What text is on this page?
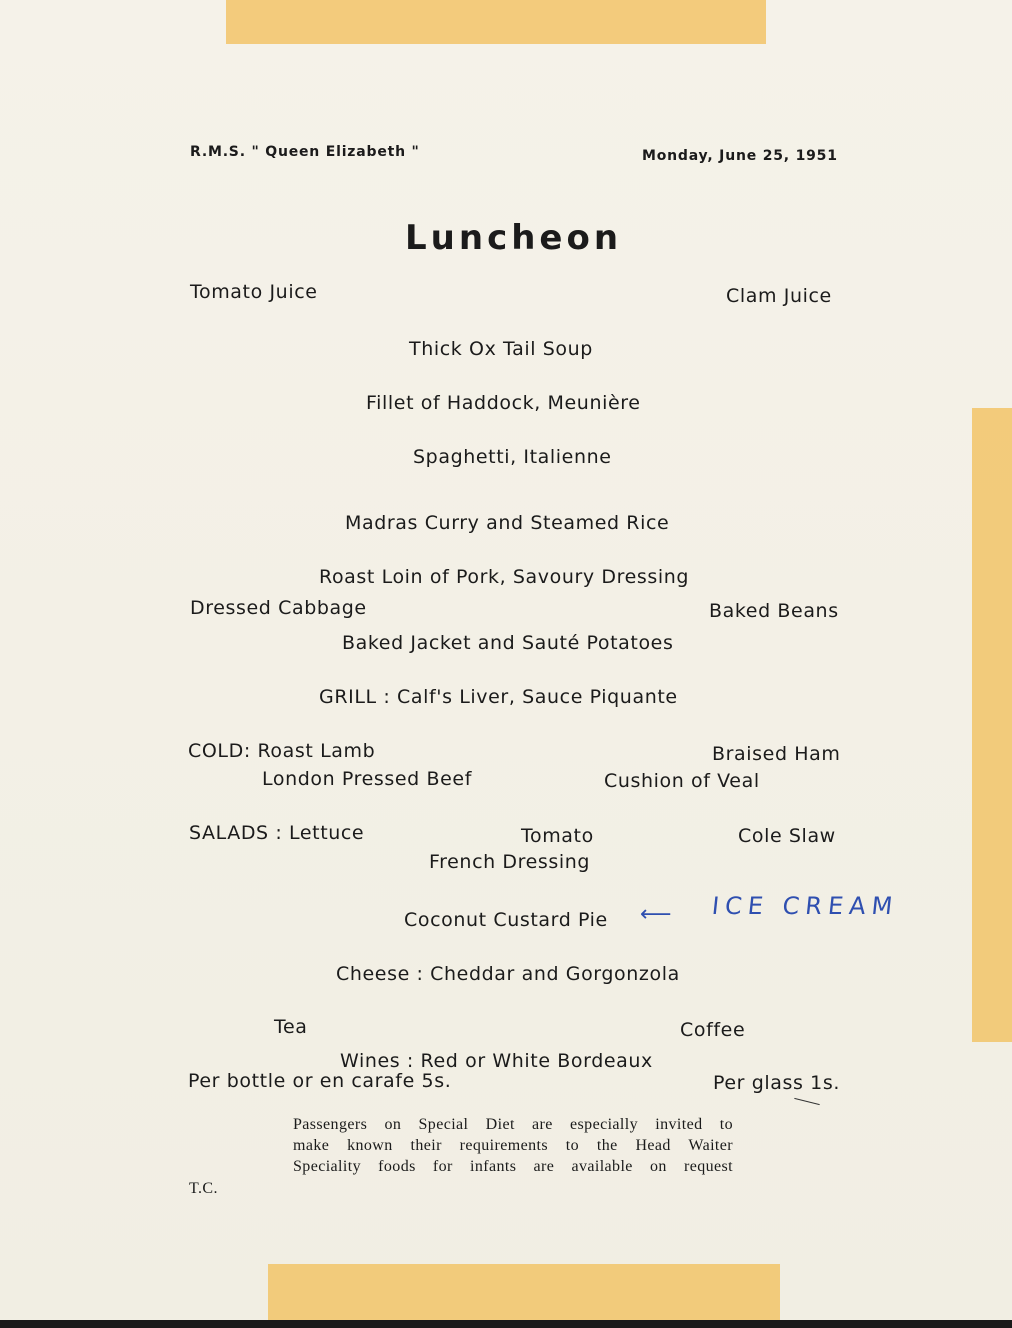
R.M.S. " Queen Elizabeth "	Monday, June 25, 1951
Luncheon
Tomato Juice	Clam Juice
Thick Ox Tail Soup
Fillet of Haddock, Meunière
Spaghetti, Italienne
Madras Curry and Steamed Rice
Roast Loin of Pork, Savoury Dressing
Dressed Cabbage	Baked Beans
Baked Jacket and Sauté Potatoes
GRILL : Calf's Liver, Sauce Piquante
COLD: Roast Lamb	Braised Ham
London Pressed Beef	Cushion of Veal
SALADS : Lettuce	Tomato	Cole Slaw
French Dressing
Coconut Custard Pie ⟵ ICE CREAM
Cheese : Cheddar and Gorgonzola
Tea	Coffee
Wines : Red or White Bordeaux
Per bottle or en carafe 5s.	Per glass 1s.

Passengers on Special Diet are especially invited to

make known their requirements to the Head Waiter

Speciality foods for infants are available on request

T.C.
